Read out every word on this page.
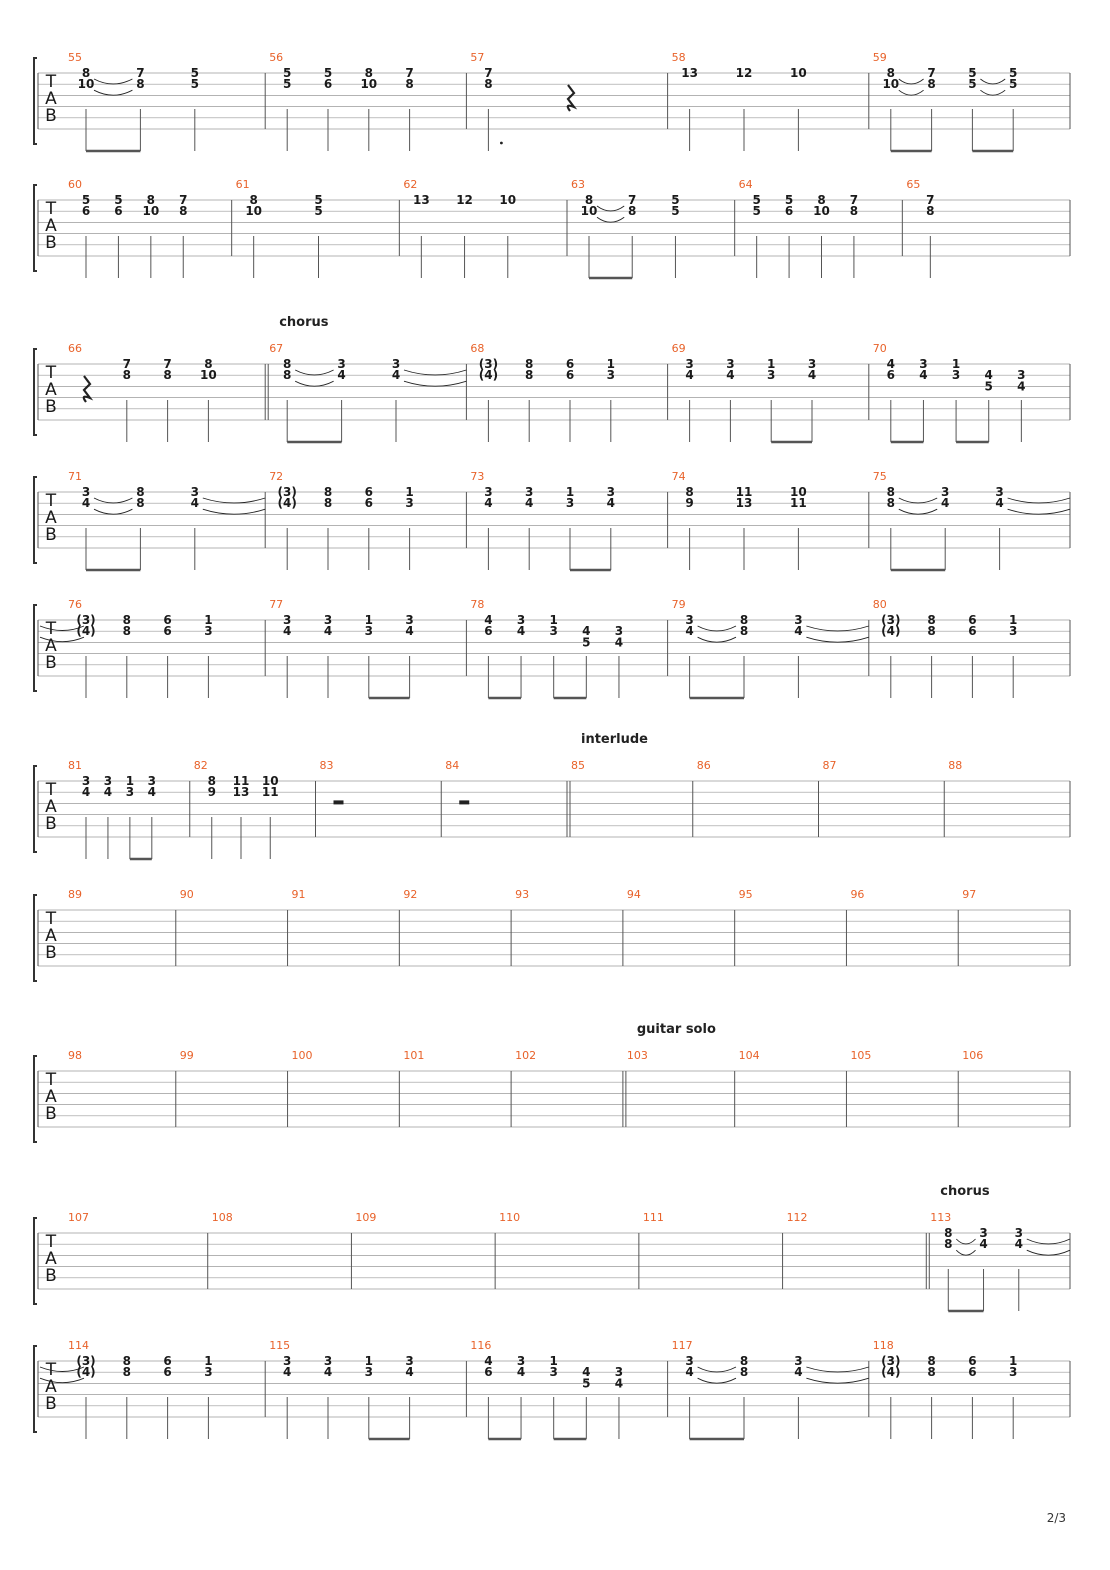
T
A
B
55
8
10
7
8
5
5
56
5
5
5
6
8
10
7
8
57
7
8
58
13	12	10
59
8
10
7
8
5
5
5
5
T
A
B
60
5
6
5
6
8
10
7
8
61
8
10
5
5
62
13 12 10
63
8
10
7
8
5
5
64
5
5
5
6
8
10
7
8
65
7
8
T
A
B
66
7
8
7
8
8
10
67
8
8
3
4
3
4
68
(3)
(4)
8
8
6
6
1
3
69
3
4
3
4
1
3
3
4
70
4
6
3
4
1
3 4
5
3
4
chorus
T
A
B
71
3
4
8
8
3
4
72
(3)
(4)
8
8
6
6
1
3
73
3
4
3
4
1
3
3
4
74
8
9
11
13
10
11
75
8
8
3
4
3
4
T
A
B
76
(3)
(4)
8
8
6
6
1
3
77
3
4
3
4
1
3
3
4
78
4
6
3
4
1
3 4
5
3
4
79
3
4
8
8
3
4
80
(3)
(4)
8
8
6
6
1
3
T
A
B
81
3
4
3
4
1
3
3
4
82
8
9
11
13
10
11
83	84	85	86	87	88
interlude
T
A
B
89	90	91	92	93	94	95	96	97
T
A
B
98	99	100	101	102	103	104	105	106
guitar solo
T
A
B
107	108	109	110	111	112	113
8
8
3
4
3
4
chorus
T
A
B
114
(3)
(4)
8
8
6
6
1
3
115
3
4
3
4
1
3
3
4
116
4
6
3
4
1
3 4
5
3
4
117
3
4
8
8
3
4
118
(3)
(4)
8
8
6
6
1
3
2/3
